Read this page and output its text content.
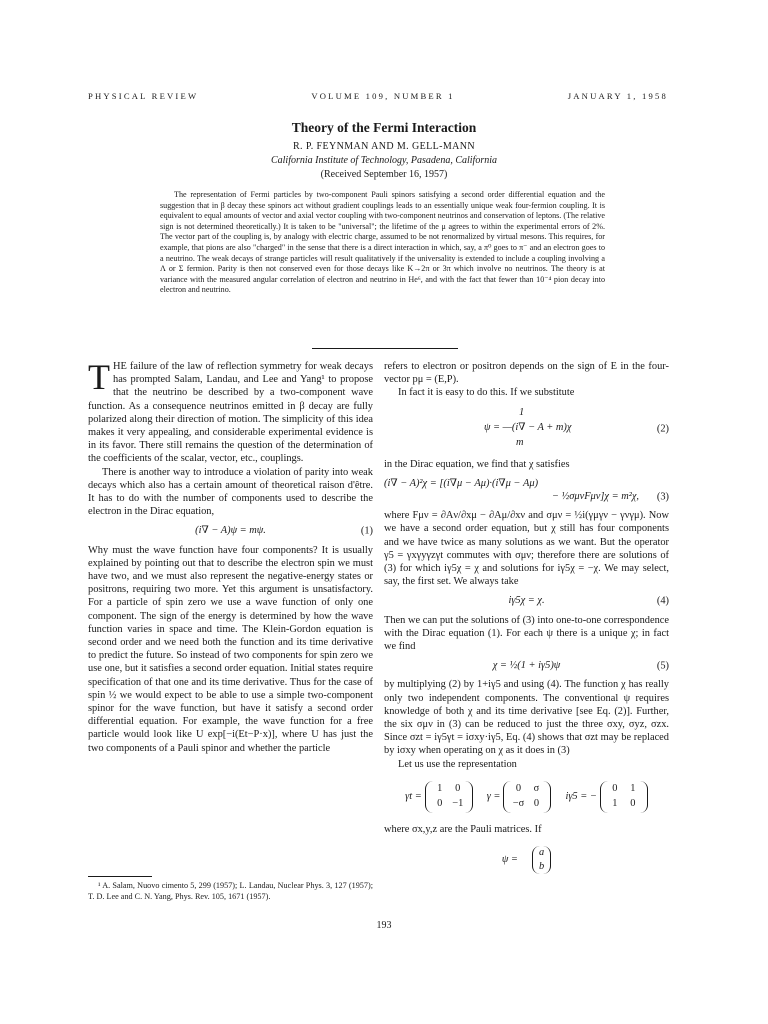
PHYSICAL REVIEW	VOLUME 109, NUMBER 1	JANUARY 1, 1958
Theory of the Fermi Interaction
R. P. FEYNMAN AND M. GELL-MANN
California Institute of Technology, Pasadena, California
(Received September 16, 1957)

The representation of Fermi particles by two-component Pauli spinors satisfying a second order differential equation and the suggestion that in β decay these spinors act without gradient couplings leads to an essentially unique weak four-fermion coupling. It is equivalent to equal amounts of vector and axial vector coupling with two-component neutrinos and conservation of leptons. (The relative sign is not determined theoretically.) It is taken to be "universal"; the lifetime of the μ agrees to within the experimental errors of 2%. The vector part of the coupling is, by analogy with electric charge, assumed to be not renormalized by virtual mesons. This requires, for example, that pions are also "charged" in the sense that there is a direct interaction in which, say, a π⁰ goes to π⁻ and an electron goes to a neutrino. The weak decays of strange particles will result qualitatively if the universality is extended to include a coupling involving a Λ or Σ fermion. Parity is then not conserved even for those decays like K→2π or 3π which involve no neutrinos. The theory is at variance with the measured angular correlation of electron and neutrino in He⁶, and with the fact that fewer than 10⁻⁴ pion decay into electron and neutrino.

THE failure of the law of reflection symmetry for weak decays has prompted Salam, Landau, and Lee and Yang¹ to propose that the neutrino be described by a two-component wave function. As a consequence neutrinos emitted in β decay are fully polarized along their direction of motion. The simplicity of this idea makes it very appealing, and considerable experimental evidence is in its favor. There still remains the question of the determination of the coefficients of the scalar, vector, etc., couplings.

There is another way to introduce a violation of parity into weak decays which also has a certain amount of theoretical raison d'être. It has to do with the number of components used to describe the electron in the Dirac equation,

(i∇ − A)ψ = mψ.	(1)

Why must the wave function have four components? It is usually explained by pointing out that to describe the electron spin we must have two, and we must also represent the negative-energy states or positrons, requiring two more. Yet this argument is unsatisfactory. For a particle of spin zero we use a wave function of only one component. The sign of the energy is determined by how the wave function varies in space and time. The Klein-Gordon equation is second order and we need both the function and its time derivative to predict the future. So instead of two components for spin zero we use one, but it satisfies a second order equation. Initial states require specification of that one and its time derivative. Thus for the case of spin ½ we would expect to be able to use a simple two-component spinor for the wave function, but have it satisfy a second order differential equation. For example, the wave function for a free particle would look like U exp[−i(Et−P·x)], where U has just the two components of a Pauli spinor and whether the particle

¹ A. Salam, Nuovo cimento 5, 299 (1957); L. Landau, Nuclear Phys. 3, 127 (1957); T. D. Lee and C. N. Yang, Phys. Rev. 105, 1671 (1957).

refers to electron or positron depends on the sign of E in the four-vector pμ = (E,P).

In fact it is easy to do this. If we substitute

1
ψ = —(i∇ − A + m)χ
m
(2)

in the Dirac equation, we find that χ satisfies

(i∇ − A)²χ = [(i∇μ − Aμ)·(i∇μ − Aμ)
− ½σμνFμν]χ = m²χ, (3)

where Fμν = ∂Aν/∂xμ − ∂Aμ/∂xν and σμν = ½i(γμγν − γνγμ). Now we have a second order equation, but χ still has four components and we have twice as many solutions as we want. But the operator γ5 = γxγyγzγt commutes with σμν; therefore there are solutions of (3) for which iγ5χ = χ and solutions for iγ5χ = −χ. We may select, say, the first set. We always take

iγ5χ = χ.	(4)

Then we can put the solutions of (3) into one-to-one correspondence with the Dirac equation (1). For each ψ there is a unique χ; in fact we find

χ = ½(1 + iγ5)ψ	(5)

by multiplying (2) by 1+iγ5 and using (4). The function χ has really only two independent components. The conventional ψ requires knowledge of both χ and its time derivative [see Eq. (2)]. Further, the six σμν in (3) can be reduced to just the three σxy, σyz, σzx. Since σzt = iγ5γt = iσxy·iγ5, Eq. (4) shows that σzt may be replaced by iσxy when operating on χ as it does in (3)

Let us use the representation

γt =
1	0
0 −1
γ =
0	σ
−σ 0
iγ5 = −
0	1
1	0

where σx,y,z are the Pauli matrices. If

ψ =
a
b
193
